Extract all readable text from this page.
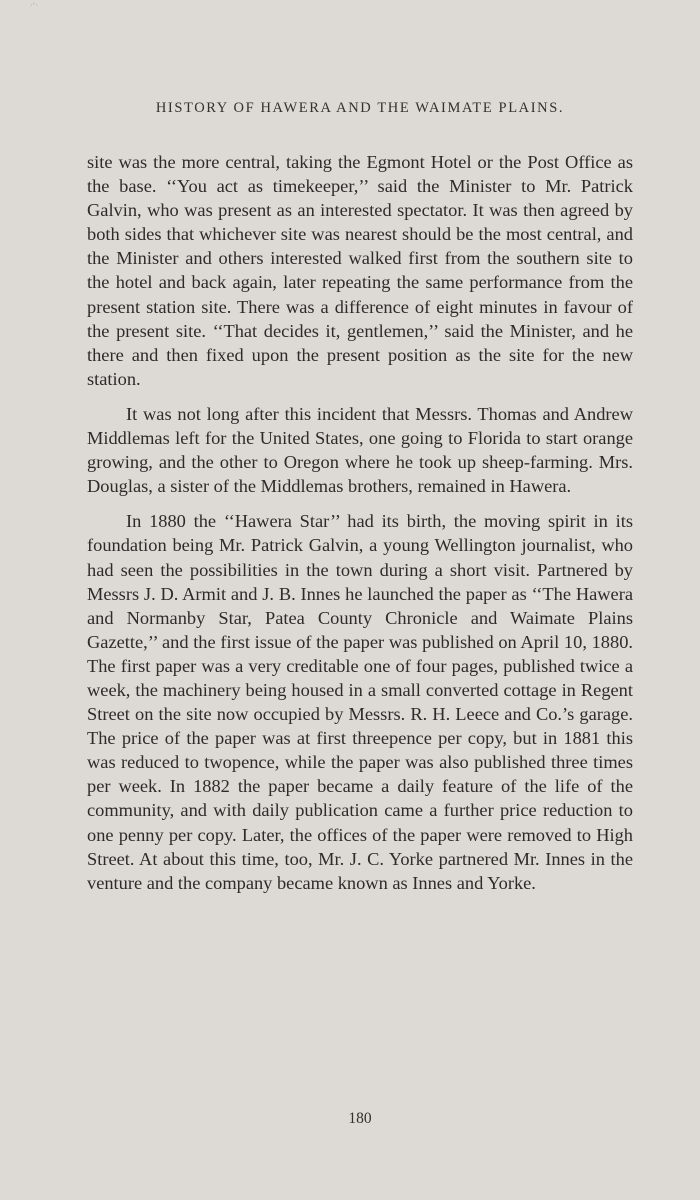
·‘·
HISTORY OF HAWERA AND THE WAIMATE PLAINS.

site was the more central, taking the Egmont Hotel or the Post Office as the base. ‘‘You act as timekeeper,’’ said the Minister to Mr. Patrick Galvin, who was present as an interested spectator. It was then agreed by both sides that whichever site was nearest should be the most central, and the Minister and others interested walked first from the southern site to the hotel and back again, later repeating the same performance from the present station site. There was a difference of eight minutes in favour of the present site. ‘‘That decides it, gentlemen,’’ said the Minister, and he there and then fixed upon the present position as the site for the new station.

It was not long after this incident that Messrs. Thomas and Andrew Middlemas left for the United States, one going to Florida to start orange growing, and the other to Oregon where he took up sheep-farming. Mrs. Douglas, a sister of the Middlemas brothers, remained in Hawera.

In 1880 the ‘‘Hawera Star’’ had its birth, the moving spirit in its foundation being Mr. Patrick Galvin, a young Wellington journalist, who had seen the possibilities in the town during a short visit. Partnered by Messrs J. D. Armit and J. B. Innes he launched the paper as ‘‘The Hawera and Normanby Star, Patea County Chronicle and Waimate Plains Gazette,’’ and the first issue of the paper was published on April 10, 1880. The first paper was a very creditable one of four pages, published twice a week, the machinery being housed in a small converted cottage in Regent Street on the site now occupied by Messrs. R. H. Leece and Co.’s garage. The price of the paper was at first threepence per copy, but in 1881 this was reduced to twopence, while the paper was also published three times per week. In 1882 the paper became a daily feature of the life of the community, and with daily publication came a further price reduction to one penny per copy. Later, the offices of the paper were removed to High Street. At about this time, too, Mr. J. C. Yorke partnered Mr. Innes in the venture and the company became known as Innes and Yorke.

180
